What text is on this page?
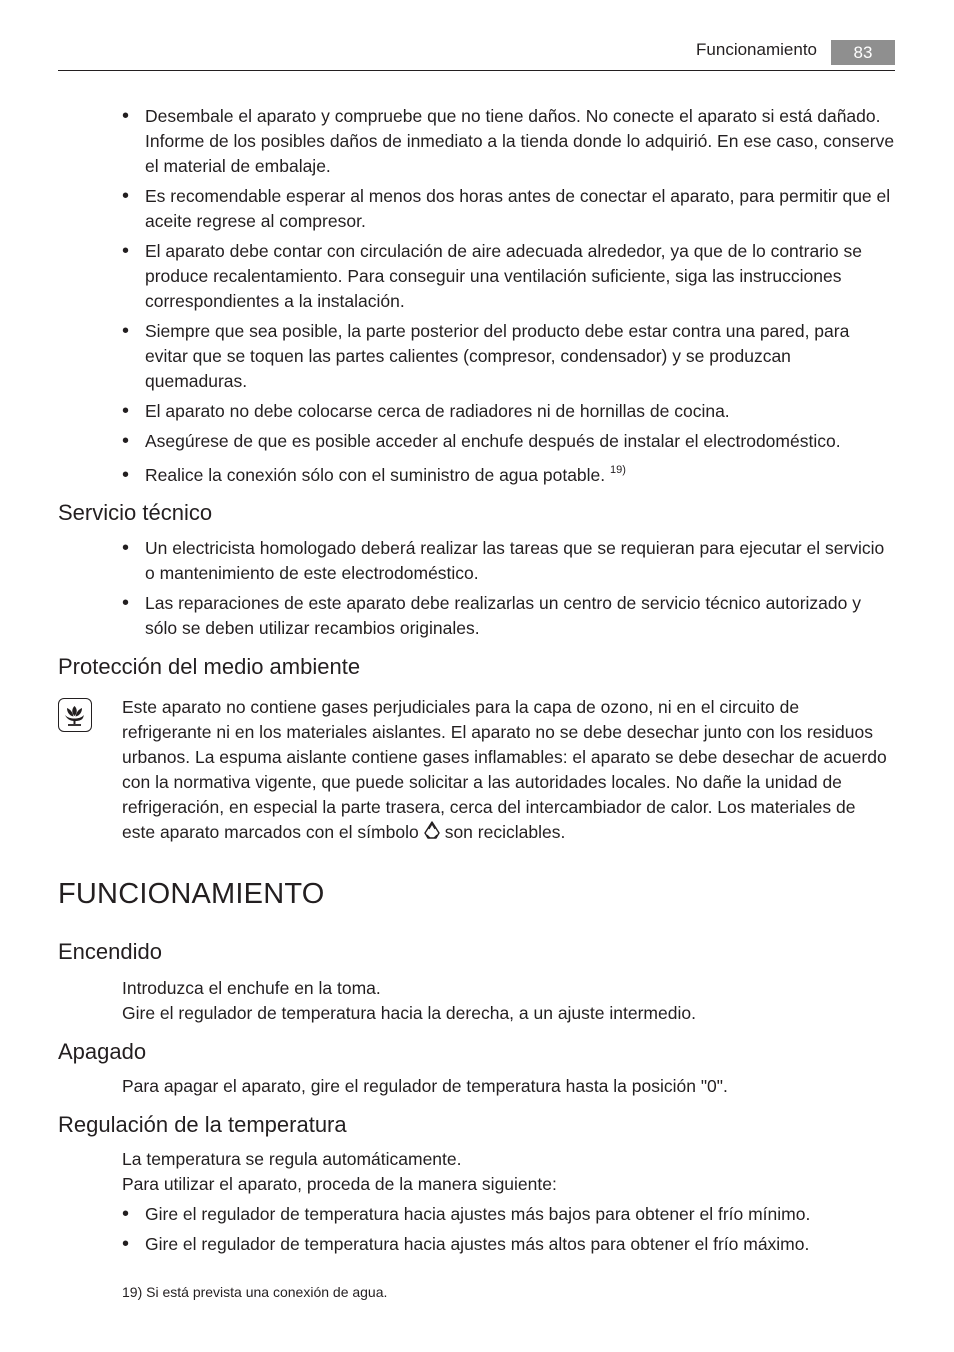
Funcionamiento	83
• Desembale el aparato y compruebe que no tiene daños. No conecte el aparato si está dañado. Informe de los posibles daños de inmediato a la tienda donde lo adquirió. En ese caso, conserve el material de embalaje.
• Es recomendable esperar al menos dos horas antes de conectar el aparato, para permitir que el aceite regrese al compresor.
• El aparato debe contar con circulación de aire adecuada alrededor, ya que de lo contrario se produce recalentamiento. Para conseguir una ventilación suficiente, siga las instrucciones correspondientes a la instalación.
• Siempre que sea posible, la parte posterior del producto debe estar contra una pared, para evitar que se toquen las partes calientes (compresor, condensador) y se produzcan quemaduras.
• El aparato no debe colocarse cerca de radiadores ni de hornillas de cocina.
• Asegúrese de que es posible acceder al enchufe después de instalar el electrodoméstico.
• Realice la conexión sólo con el suministro de agua potable. $^{19)}$
Servicio técnico
• Un electricista homologado deberá realizar las tareas que se requieran para ejecutar el servicio o mantenimiento de este electrodoméstico.
• Las reparaciones de este aparato debe realizarlas un centro de servicio técnico autorizado y sólo se deben utilizar recambios originales.
Protección del medio ambiente

Este aparato no contiene gases perjudiciales para la capa de ozono, ni en el circuito de refrigerante ni en los materiales aislantes. El aparato no se debe desechar junto con los residuos urbanos. La espuma aislante contiene gases inflamables: el aparato se debe desechar de acuerdo con la normativa vigente, que puede solicitar a las autoridades locales. No dañe la unidad de refrigeración, en especial la parte trasera, cerca del intercambiador de calor. Los materiales de este aparato marcados con el símbolo son reciclables.

FUNCIONAMIENTO
Encendido

Introduzca el enchufe en la toma.

Gire el regulador de temperatura hacia la derecha, a un ajuste intermedio.

Apagado

Para apagar el aparato, gire el regulador de temperatura hasta la posición "0".

Regulación de la temperatura

La temperatura se regula automáticamente.

Para utilizar el aparato, proceda de la manera siguiente:

• Gire el regulador de temperatura hacia ajustes más bajos para obtener el frío mínimo.
• Gire el regulador de temperatura hacia ajustes más altos para obtener el frío máximo.
19) Si está prevista una conexión de agua.
